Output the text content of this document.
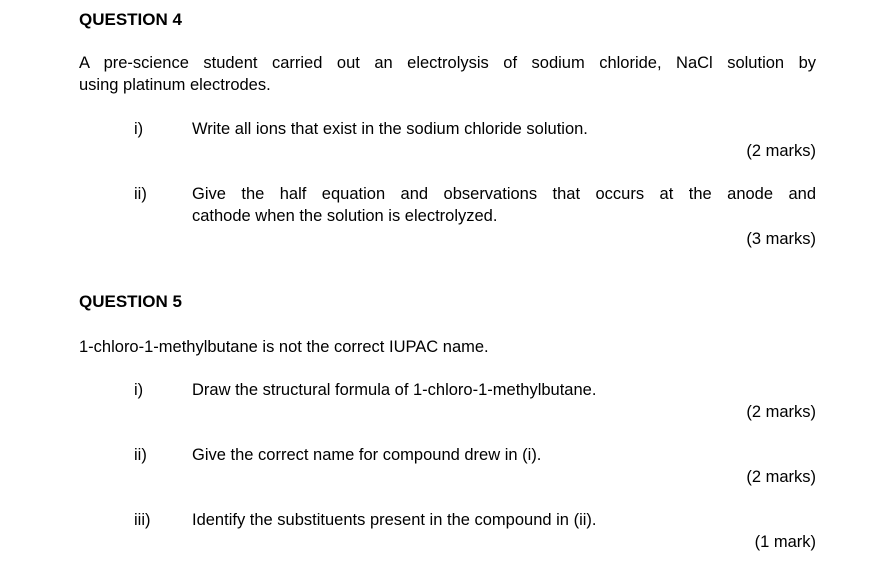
QUESTION 4
A pre-science student carried out an electrolysis of sodium chloride, NaCl solution by
using platinum electrodes.
i)	Write all ions that exist in the sodium chloride solution.
(2 marks)
ii)	Give the half equation and observations that occurs at the anode and
cathode when the solution is electrolyzed.
(3 marks)
QUESTION 5
1-chloro-1-methylbutane is not the correct IUPAC name.
i)	Draw the structural formula of 1-chloro-1-methylbutane.
(2 marks)
ii)	Give the correct name for compound drew in (i).
(2 marks)
iii)	Identify the substituents present in the compound in (ii).
(1 mark)
